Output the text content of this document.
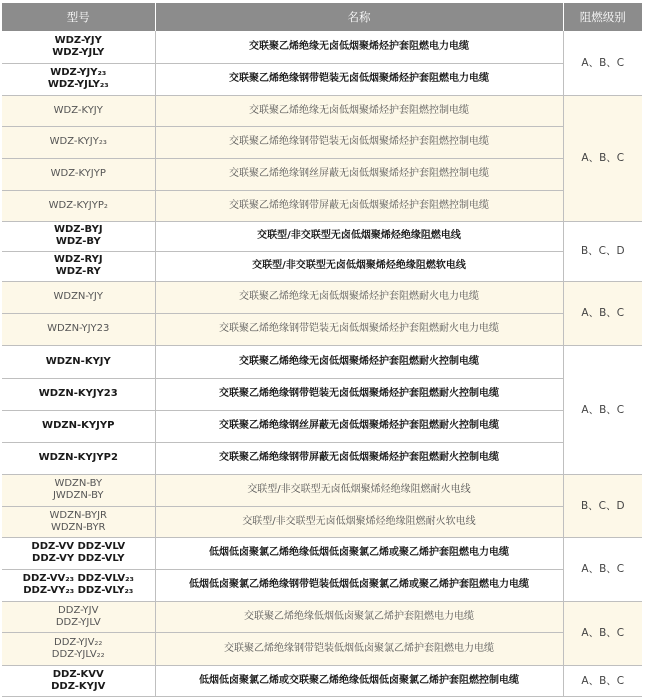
型号	名称	阻燃级别

WDZ-YJY
WDZ-YJLY	交联聚乙烯绝缘无卤低烟聚烯烃护套阻燃电力电缆	A、B、C

WDZ-YJY₂₃
WDZ-YJLY₂₃	交联聚乙烯绝缘钢带铠装无卤低烟聚烯烃护套阻燃电力电缆	
WDZ-KYJY	交联聚乙烯绝缘无卤低烟聚烯烃护套阻燃控制电缆	A、B、C
WDZ-KYJY₂₃	交联聚乙烯绝缘钢带铠装无卤低烟聚烯烃护套阻燃控制电缆	
WDZ-KYJYP	交联聚乙烯绝缘钢丝屏蔽无卤低烟聚烯烃护套阻燃控制电缆	
WDZ-KYJYP₂	交联聚乙烯绝缘钢带屏蔽无卤低烟聚烯烃护套阻燃控制电缆	

WDZ-BYJ
WDZ-BY	交联型/非交联型无卤低烟聚烯烃绝缘阻燃电线	B、C、D

WDZ-RYJ
WDZ-RY	交联型/非交联型无卤低烟聚烯烃绝缘阻燃软电线	
WDZN-YJY	交联聚乙烯绝缘无卤低烟聚烯烃护套阻燃耐火电力电缆	A、B、C
WDZN-YJY23	交联聚乙烯绝缘钢带铠装无卤低烟聚烯烃护套阻燃耐火电力电缆	
WDZN-KYJY	交联聚乙烯绝缘无卤低烟聚烯烃护套阻燃耐火控制电缆	A、B、C
WDZN-KYJY23	交联聚乙烯绝缘钢带铠装无卤低烟聚烯烃护套阻燃耐火控制电缆	
WDZN-KYJYP	交联聚乙烯绝缘钢丝屏蔽无卤低烟聚烯烃护套阻燃耐火控制电缆	
WDZN-KYJYP2	交联聚乙烯绝缘钢带屏蔽无卤低烟聚烯烃护套阻燃耐火控制电缆	

WDZN-BY
JWDZN-BY	交联型/非交联型无卤低烟聚烯烃绝缘阻燃耐火电线	B、C、D

WDZN-BYJR
WDZN-BYR	交联型/非交联型无卤低烟聚烯烃绝缘阻燃耐火软电线	

DDZ-VV DDZ-VLV
DDZ-VY DDZ-VLY	低烟低卤聚氯乙烯绝缘低烟低卤聚氯乙烯或聚乙烯护套阻燃电力电缆	A、B、C

DDZ-VV₂₃ DDZ-VLV₂₃
DDZ-VY₂₃ DDZ-VLY₂₃	低烟低卤聚氯乙烯绝缘钢带铠装低烟低卤聚氯乙烯或聚乙烯护套阻燃电力电缆	

DDZ-YJV
DDZ-YJLV	交联聚乙烯绝缘低烟低卤聚氯乙烯护套阻燃电力电缆	A、B、C

DDZ-YJV₂₂
DDZ-YJLV₂₂	交联聚乙烯绝缘钢带铠装低烟低卤聚氯乙烯护套阻燃电力电缆	

DDZ-KVV
DDZ-KYJV	低烟低卤聚氯乙烯或交联聚乙烯绝缘低烟低卤聚氯乙烯护套阻燃控制电缆	A、B、C
